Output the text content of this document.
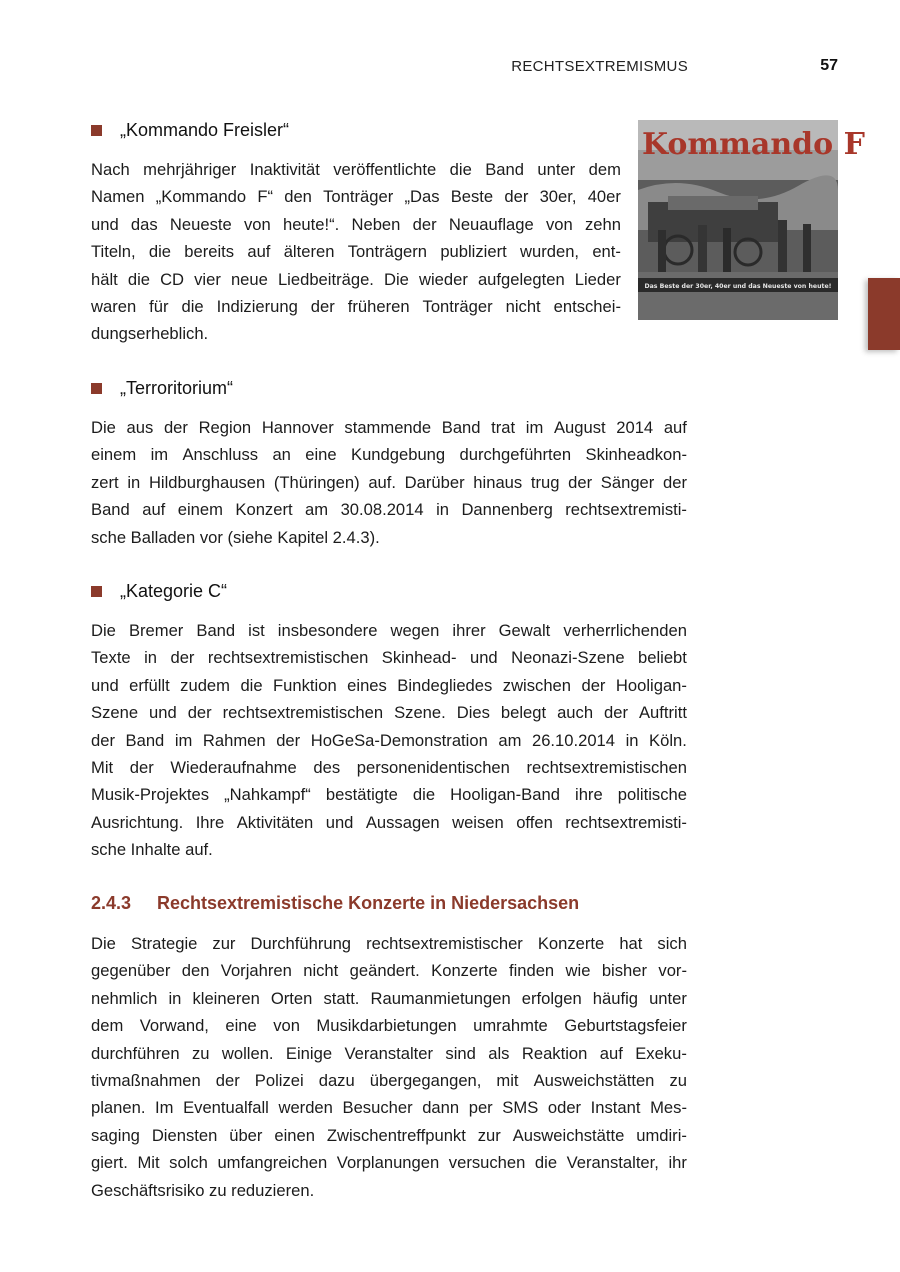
RECHTSEXTREMISMUS	57
Das Beste der 30er, 40er und das Neueste von heute!
Kommando F
„Kommando Freisler“
Nach mehrjähriger Inaktivität veröffentlichte die Band unter dem
Namen „Kommando F“ den Tonträger „Das Beste der 30er, 40er
und das Neueste von heute!“. Neben der Neuauflage von zehn
Titeln, die bereits auf älteren Tonträgern publiziert wurden, ent-
hält die CD vier neue Liedbeiträge. Die wieder aufgelegten Lieder
waren für die Indizierung der früheren Tonträger nicht entschei-
dungserheblich.
„Terroritorium“
Die aus der Region Hannover stammende Band trat im August 2014 auf
einem im Anschluss an eine Kundgebung durchgeführten Skinheadkon-
zert in Hildburghausen (Thüringen) auf. Darüber hinaus trug der Sänger der
Band auf einem Konzert am 30.08.2014 in Dannenberg rechtsextremisti-
sche Balladen vor (siehe Kapitel 2.4.3).
„Kategorie C“
Die Bremer Band ist insbesondere wegen ihrer Gewalt verherrlichenden
Texte in der rechtsextremistischen Skinhead- und Neonazi-Szene beliebt
und erfüllt zudem die Funktion eines Bindegliedes zwischen der Hooligan-
Szene und der rechtsextremistischen Szene. Dies belegt auch der Auftritt
der Band im Rahmen der HoGeSa-Demonstration am 26.10.2014 in Köln.
Mit der Wiederaufnahme des personenidentischen rechtsextremistischen
Musik-Projektes „Nahkampf“ bestätigte die Hooligan-Band ihre politische
Ausrichtung. Ihre Aktivitäten und Aussagen weisen offen rechtsextremisti-
sche Inhalte auf.
2.4.3	Rechtsextremistische Konzerte in Niedersachsen
Die Strategie zur Durchführung rechtsextremistischer Konzerte hat sich
gegenüber den Vorjahren nicht geändert. Konzerte finden wie bisher vor-
nehmlich in kleineren Orten statt. Raumanmietungen erfolgen häufig unter
dem Vorwand, eine von Musikdarbietungen umrahmte Geburtstagsfeier
durchführen zu wollen. Einige Veranstalter sind als Reaktion auf Exeku-
tivmaßnahmen der Polizei dazu übergegangen, mit Ausweichstätten zu
planen. Im Eventualfall werden Besucher dann per SMS oder Instant Mes-
saging Diensten über einen Zwischentreffpunkt zur Ausweichstätte umdiri-
giert. Mit solch umfangreichen Vorplanungen versuchen die Veranstalter, ihr
Geschäftsrisiko zu reduzieren.
